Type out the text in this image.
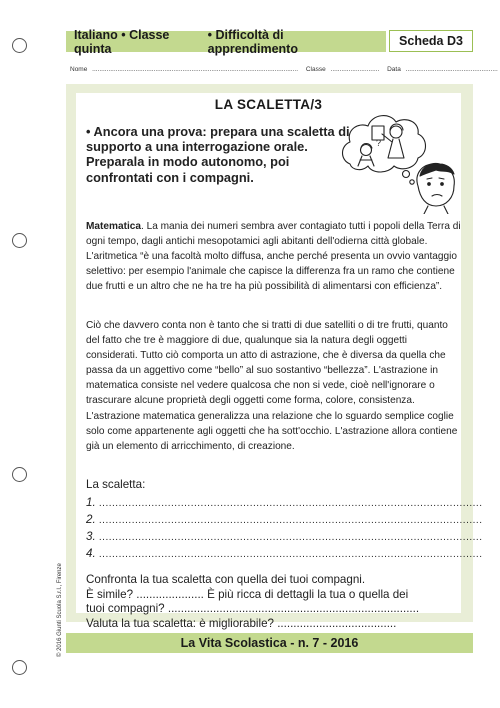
Italiano • Classe quinta
• Difficoltà di apprendimento
Scheda D3
Nome .................................................................................................................. Classe ........................... Data ...................................................
LA SCALETTA/3
• Ancora una prova: prepara una scaletta di supporto a una interrogazione orale. Preparala in modo autonomo, poi confrontati con i compagni.
?
Matematica. La mania dei numeri sembra aver contagiato tutti i popoli della Terra di ogni tempo, dagli antichi mesopotamici agli abitanti dell'odierna città globale. L'aritmetica “è una facoltà molto diffusa, anche perché presenta un ovvio vantaggio selettivo: per esempio l'animale che capisce la differenza fra un ramo che contiene due frutti e un altro che ne ha tre ha più possibilità di alimentarsi con efficienza”.
Ciò che davvero conta non è tanto che si tratti di due satelliti o di tre frutti, quanto del fatto che tre è maggiore di due, qualunque sia la natura degli oggetti considerati. Tutto ciò comporta un atto di astrazione, che è diversa da quella che passa da un aggettivo come “bello” al suo sostantivo “bellezza”. L'astrazione in matematica consiste nel vedere qualcosa che non si vede, cioè nell'ignorare o trascurare alcune proprietà degli oggetti come forma, colore, consistenza. L'astrazione matematica generalizza una relazione che lo sguardo semplice coglie solo come appartenente agli oggetti che ha sott'occhio. L'astrazione allora contiene già un elemento di arricchimento, di creazione.
La scaletta:
1. .....................................................................................................................
2. .....................................................................................................................
3. .....................................................................................................................
4. .....................................................................................................................
Confronta la tua scaletta con quella dei tuoi compagni.
È simile? ..................... È più ricca di dettagli la tua o quella dei
tuoi compagni? ..............................................................................
La Vita Scolastica - n. 7 - 2016
© 2016 Giunti Scuola S.r.l., Firenze Valuta la tua scaletta: è migliorabile? .....................................
